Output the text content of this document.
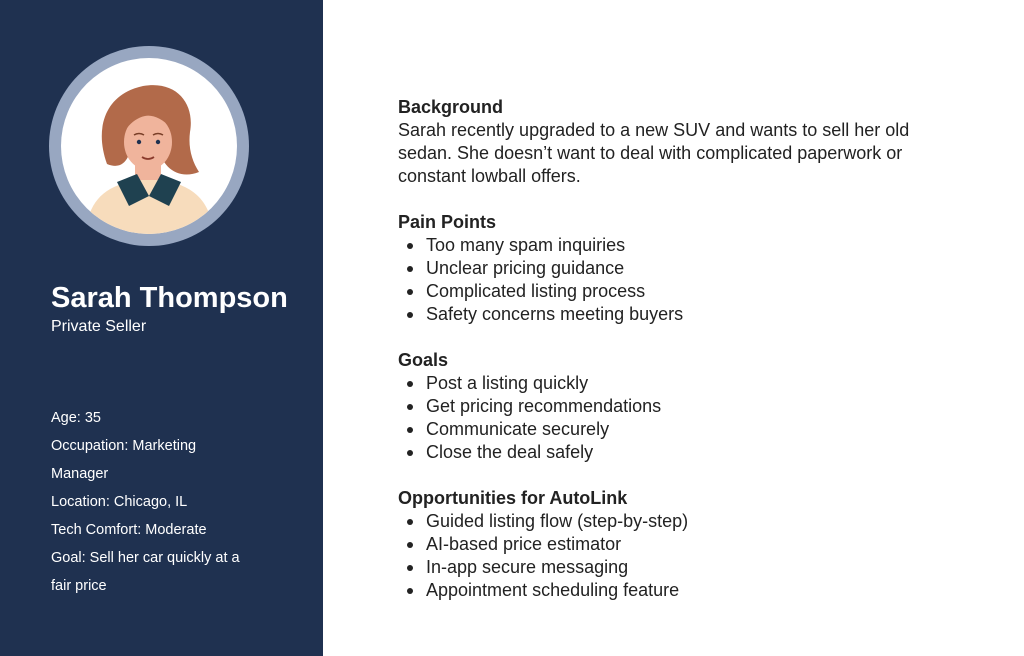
Sarah Thompson
Private Seller
Age: 35
Occupation: Marketing
Manager
Location: Chicago, IL
Tech Comfort: Moderate
Goal: Sell her car quickly at a
fair price
Background

Sarah recently upgraded to a new SUV and wants to sell her old sedan. She doesn’t want to deal with complicated paperwork or constant lowball offers.

Pain Points
Too many spam inquiries
Unclear pricing guidance
Complicated listing process
Safety concerns meeting buyers
Goals
Post a listing quickly
Get pricing recommendations
Communicate securely
Close the deal safely
Opportunities for AutoLink
Guided listing flow (step-by-step)
AI-based price estimator
In-app secure messaging
Appointment scheduling feature
